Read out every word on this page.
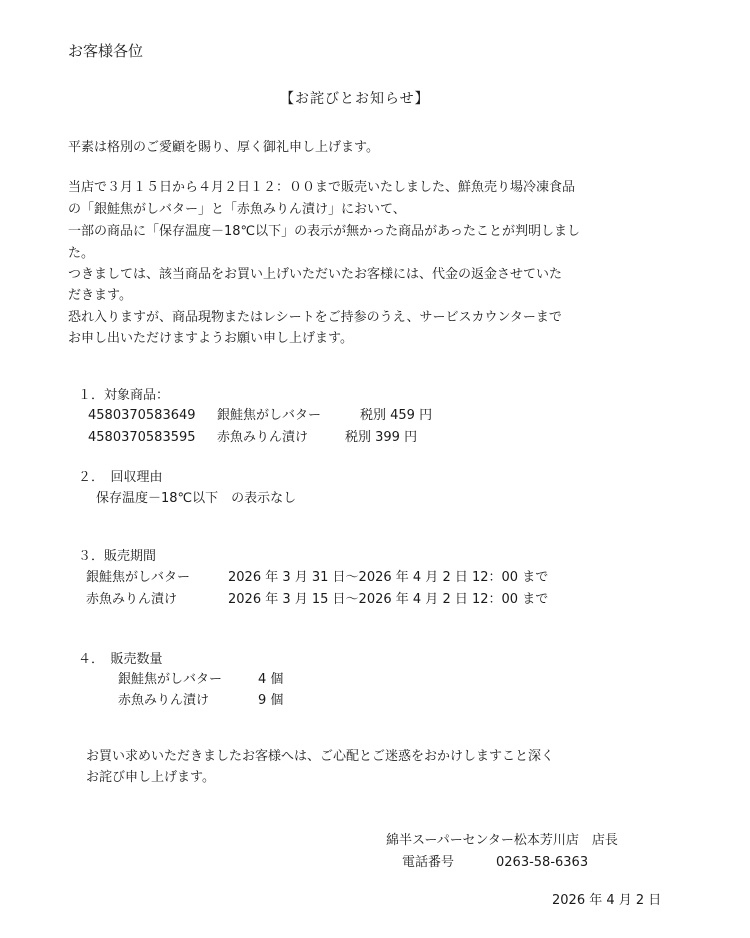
お客様各位
【お詫びとお知らせ】
平素は格別のご愛顧を賜り、厚く御礼申し上げます。
当店で３月１５日から４月２日１２：００まで販売いたしました、鮮魚売り場冷凍食品
の「銀鮭焦がしバター」と「赤魚みりん漬け」において、
一部の商品に「保存温度－18℃以下」の表示が無かった商品があったことが判明しまし
た。
つきましては、該当商品をお買い上げいただいたお客様には、代金の返金させていた
だきます。
恐れ入りますが、商品現物またはレシートをご持参のうえ、サービスカウンターまで
お申し出いただけますようお願い申し上げます。
１．対象商品：
4580370583649 銀鮭焦がしバター	税別 459 円
4580370583595 赤魚みりん漬け	税別 399 円
２．　回収理由
保存温度－18℃以下　の表示なし
３．販売期間
銀鮭焦がしバター	2026 年 3 月 31 日～2026 年 4 月 2 日 12：00 まで
赤魚みりん漬け	2026 年 3 月 15 日～2026 年 4 月 2 日 12：00 まで
４．　販売数量
銀鮭焦がしバター	4 個
赤魚みりん漬け	9 個
お買い求めいただきましたお客様へは、ご心配とご迷惑をおかけしますこと深く
お詫び申し上げます。
綿半スーパーセンター松本芳川店　店長
電話番号	0263-58-6363
2026 年 4 月 2 日
